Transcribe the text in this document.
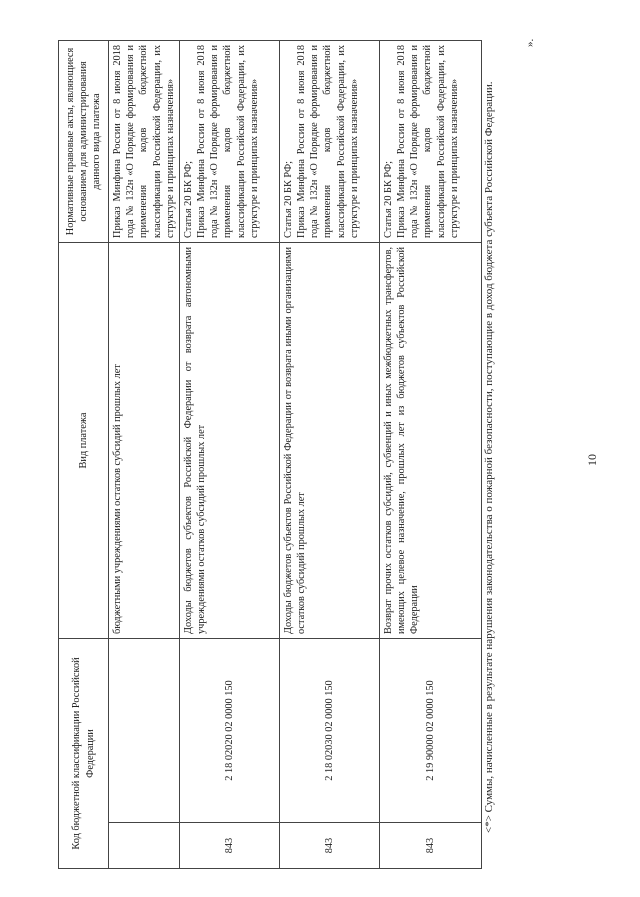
Код бюджетной классификации Российской Федерации		Вид платежа	Нормативные правовые акты, являющиеся основанием для администрирования данного вида платежа
		бюджетными учреждениями остатков субсидий прошлых лет	Приказ Минфина России от 8 июня 2018 года № 132н «О Порядке формирования и применения кодов бюджетной классификации Российской Федерации, их структуре и принципах назначения»

843	2 18 02020 02 0000 150	Доходы бюджетов субъектов Российской Федерации от возврата автономными учреждениями остатков субсидий прошлых лет	Статья 20 БК РФ; Приказ Минфина России от 8 июня 2018 года № 132н «О Порядке формирования и применения кодов бюджетной классификации Российской Федерации, их структуре и принципах назначения»

843	2 18 02030 02 0000 150	Доходы бюджетов субъектов Российской Федерации от возврата иными организациями остатков субсидий прошлых лет	Статья 20 БК РФ; Приказ Минфина России от 8 июня 2018 года № 132н «О Порядке формирования и применения кодов бюджетной классификации Российской Федерации, их структуре и принципах назначения»

843	2 19 90000 02 0000 150	Возврат прочих остатков субсидий, субвенций и иных межбюджетных трансфертов, имеющих целевое назначение, прошлых лет из бюджетов субъектов Российской Федерации	Статья 20 БК РФ; Приказ Минфина России от 8 июня 2018 года № 132н «О Порядке формирования и применения кодов бюджетной классификации Российской Федерации, их структуре и принципах назначения» <*> Суммы, начисленные в результате нарушения законодательства о пожарной безопасности, поступающие в доход бюджета субъекта Российской Федерации.
».
10
